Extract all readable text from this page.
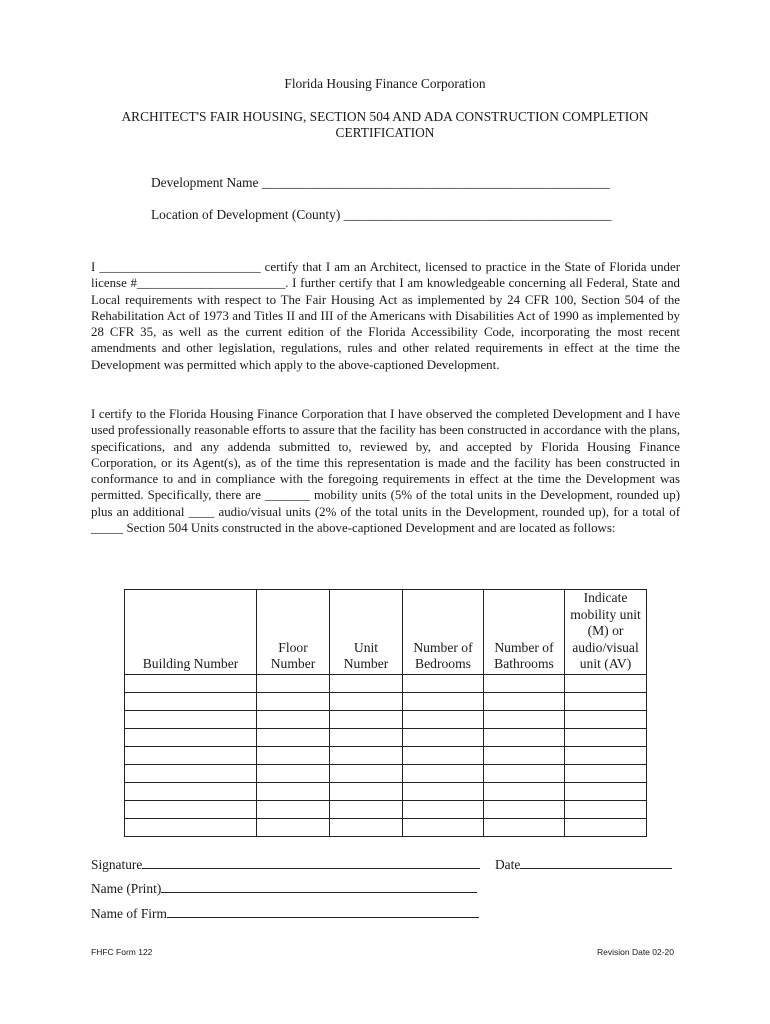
Florida Housing Finance Corporation
ARCHITECT'S FAIR HOUSING, SECTION 504 AND ADA CONSTRUCTION COMPLETION
CERTIFICATION
Development Name ____________________________________________________
Location of Development (County) ________________________________________
I _________________________ certify that I am an Architect, licensed to practice in the State of Florida under license #_______________________. I further certify that I am knowledgeable concerning all Federal, State and Local requirements with respect to The Fair Housing Act as implemented by 24 CFR 100, Section 504 of the Rehabilitation Act of 1973 and Titles II and III of the Americans with Disabilities Act of 1990 as implemented by 28 CFR 35, as well as the current edition of the Florida Accessibility Code, incorporating the most recent amendments and other legislation, regulations, rules and other related requirements in effect at the time the Development was permitted which apply to the above-captioned Development.
I certify to the Florida Housing Finance Corporation that I have observed the completed Development and I have used professionally reasonable efforts to assure that the facility has been constructed in accordance with the plans, specifications, and any addenda submitted to, reviewed by, and accepted by Florida Housing Finance Corporation, or its Agent(s), as of the time this representation is made and the facility has been constructed in conformance to and in compliance with the foregoing requirements in effect at the time the Development was permitted. Specifically, there are _______ mobility units (5% of the total units in the Development, rounded up) plus an additional ____ audio/visual units (2% of the total units in the Development, rounded up), for a total of _____ Section 504 Units constructed in the above-captioned Development and are located as follows:
Building Number	Floor Number	Unit Number	Number of Bedrooms	Number of Bathrooms	Indicate mobility unit (M) or audio/visual unit (AV)

Signature	Date
Name (Print)
Name of Firm
FHFC Form 122	Revision Date 02-20
